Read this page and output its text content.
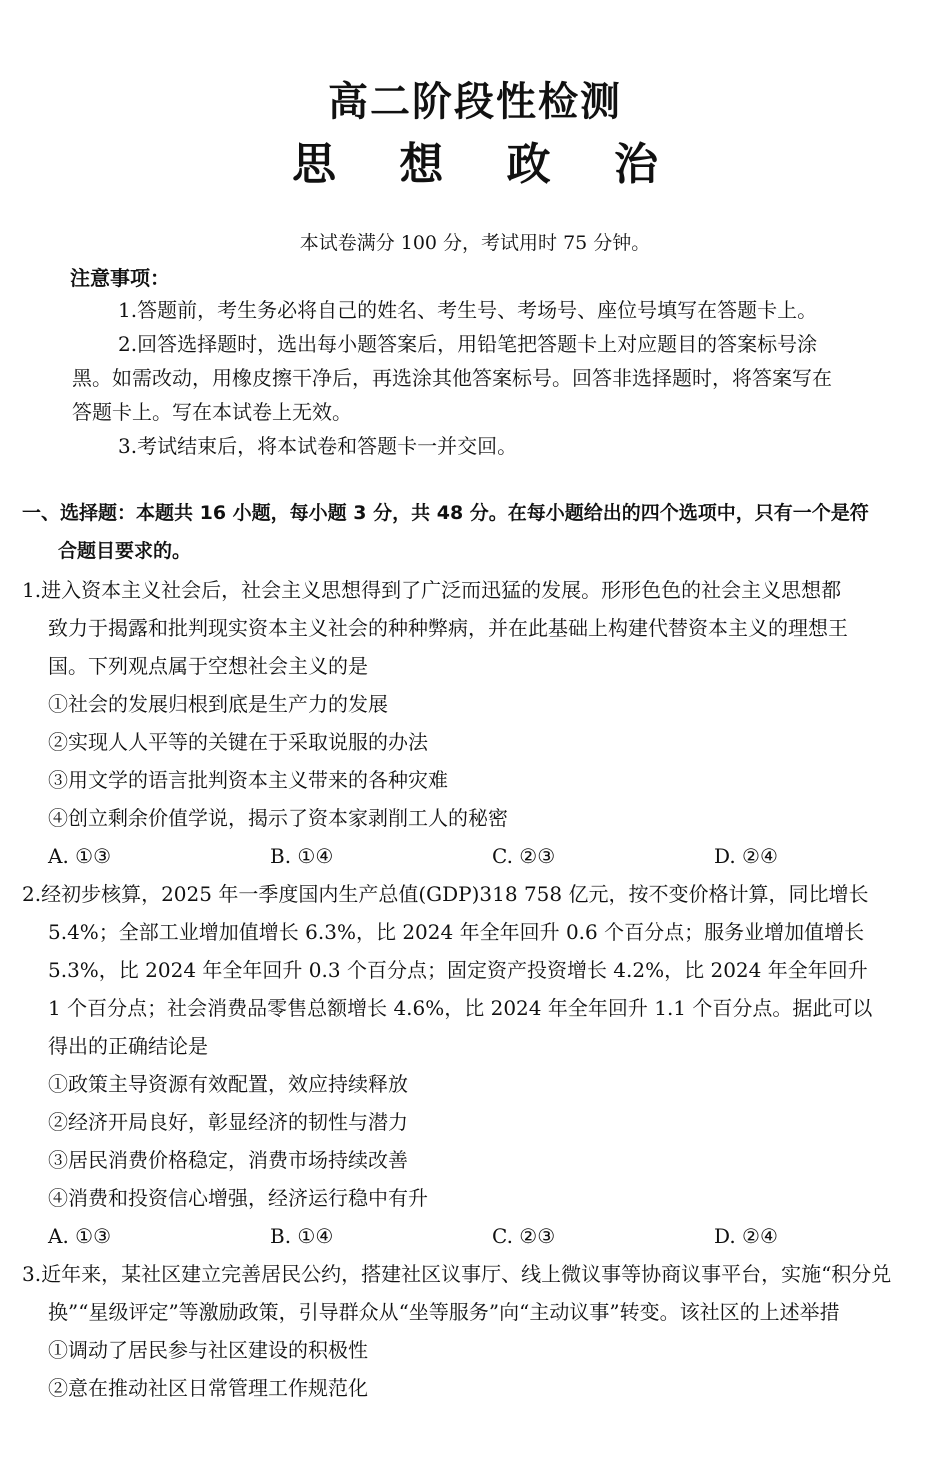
高二阶段性检测
思 想 政 治
本试卷满分 100 分，考试用时 75 分钟。
注意事项：
1.答题前，考生务必将自己的姓名、考生号、考场号、座位号填写在答题卡上。
2.回答选择题时，选出每小题答案后，用铅笔把答题卡上对应题目的答案标号涂
黑。如需改动，用橡皮擦干净后，再选涂其他答案标号。回答非选择题时，将答案写在
答题卡上。写在本试卷上无效。
3.考试结束后，将本试卷和答题卡一并交回。
一、选择题：本题共 16 小题，每小题 3 分，共 48 分。在每小题给出的四个选项中，只有一个是符
合题目要求的。
1.进入资本主义社会后，社会主义思想得到了广泛而迅猛的发展。形形色色的社会主义思想都
致力于揭露和批判现实资本主义社会的种种弊病，并在此基础上构建代替资本主义的理想王
国。下列观点属于空想社会主义的是
①社会的发展归根到底是生产力的发展
②实现人人平等的关键在于采取说服的办法
③用文学的语言批判资本主义带来的各种灾难
④创立剩余价值学说，揭示了资本家剥削工人的秘密
A. ①③	B. ①④	C. ②③	D. ②④
2.经初步核算，2025 年一季度国内生产总值(GDP)318 758 亿元，按不变价格计算，同比增长
5.4%；全部工业增加值增长 6.3%，比 2024 年全年回升 0.6 个百分点；服务业增加值增长
5.3%，比 2024 年全年回升 0.3 个百分点；固定资产投资增长 4.2%，比 2024 年全年回升
1 个百分点；社会消费品零售总额增长 4.6%，比 2024 年全年回升 1.1 个百分点。据此可以
得出的正确结论是
①政策主导资源有效配置，效应持续释放
②经济开局良好，彰显经济的韧性与潜力
③居民消费价格稳定，消费市场持续改善
④消费和投资信心增强，经济运行稳中有升
A. ①③	B. ①④	C. ②③	D. ②④
3.近年来，某社区建立完善居民公约，搭建社区议事厅、线上微议事等协商议事平台，实施“积分兑
换”“星级评定”等激励政策，引导群众从“坐等服务”向“主动议事”转变。该社区的上述举措
①调动了居民参与社区建设的积极性
②意在推动社区日常管理工作规范化
